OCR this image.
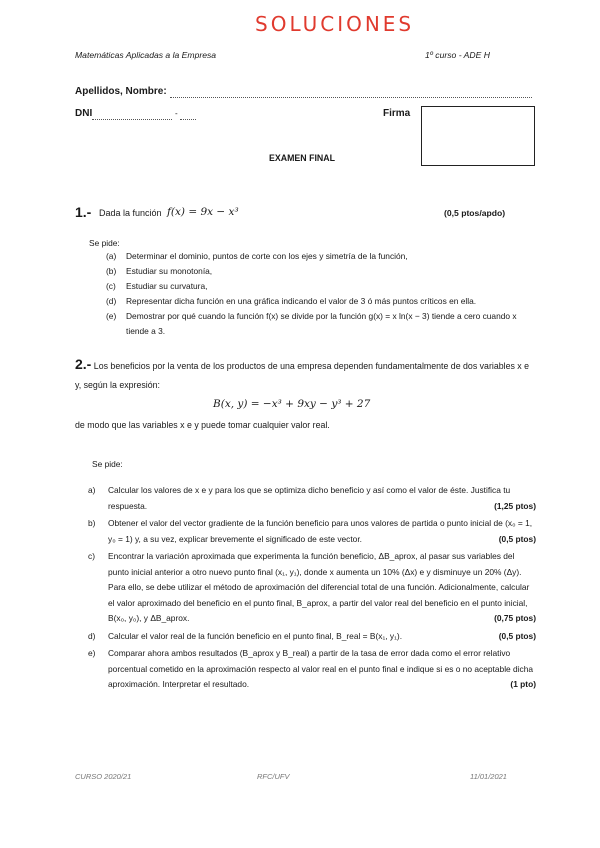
SOLUCIONES
Matemáticas Aplicadas a la Empresa	1º curso - ADE H
Apellidos, Nombre:
DNI	-	Firma
EXAMEN FINAL
1.- Dada la función f(x) = 9x − x³	(0,5 ptos/apdo)
Se pide:
(a)	Determinar el dominio, puntos de corte con los ejes y simetría de la función,
(b)	Estudiar su monotonía,
(c)	Estudiar su curvatura,
(d)	Representar dicha función en una gráfica indicando el valor de 3 ó más puntos críticos en ella.
(e)	Demostrar por qué cuando la función f(x) se divide por la función g(x) = x ln(x − 3) tiende a cero cuando x tiende a 3.
2.- Los beneficios por la venta de los productos de una empresa dependen fundamentalmente de dos variables x e y, según la expresión:
B(x, y) = −x³ + 9xy − y³ + 27
de modo que las variables x e y puede tomar cualquier valor real.
Se pide:
a)	Calcular los valores de x e y para los que se optimiza dicho beneficio y así como el valor de éste. Justifica tu respuesta.	(1,25 ptos)
b)	Obtener el valor del vector gradiente de la función beneficio para unos valores de partida o punto inicial de (x₀ = 1, y₀ = 1) y, a su vez, explicar brevemente el significado de este vector.	(0,5 ptos)
c)	Encontrar la variación aproximada que experimenta la función beneficio, ΔB_aprox, al pasar sus variables del punto inicial anterior a otro nuevo punto final (x₁, y₁), donde x aumenta un 10% (Δx) e y disminuye un 20% (Δy). Para ello, se debe utilizar el método de aproximación del diferencial total de una función. Adicionalmente, calcular el valor aproximado del beneficio en el punto final, B_aprox, a partir del valor real del beneficio en el punto inicial, B(x₀, y₀), y ΔB_aprox.	(0,75 ptos)
d)	Calcular el valor real de la función beneficio en el punto final, B_real = B(x₁, y₁).	(0,5 ptos)
e)	Comparar ahora ambos resultados (B_aprox y B_real) a partir de la tasa de error dada como el error relativo porcentual cometido en la aproximación respecto al valor real en el punto final e indique si es o no aceptable dicha aproximación. Interpretar el resultado.	(1 pto)
CURSO 2020/21	RFC/UFV	11/01/2021
